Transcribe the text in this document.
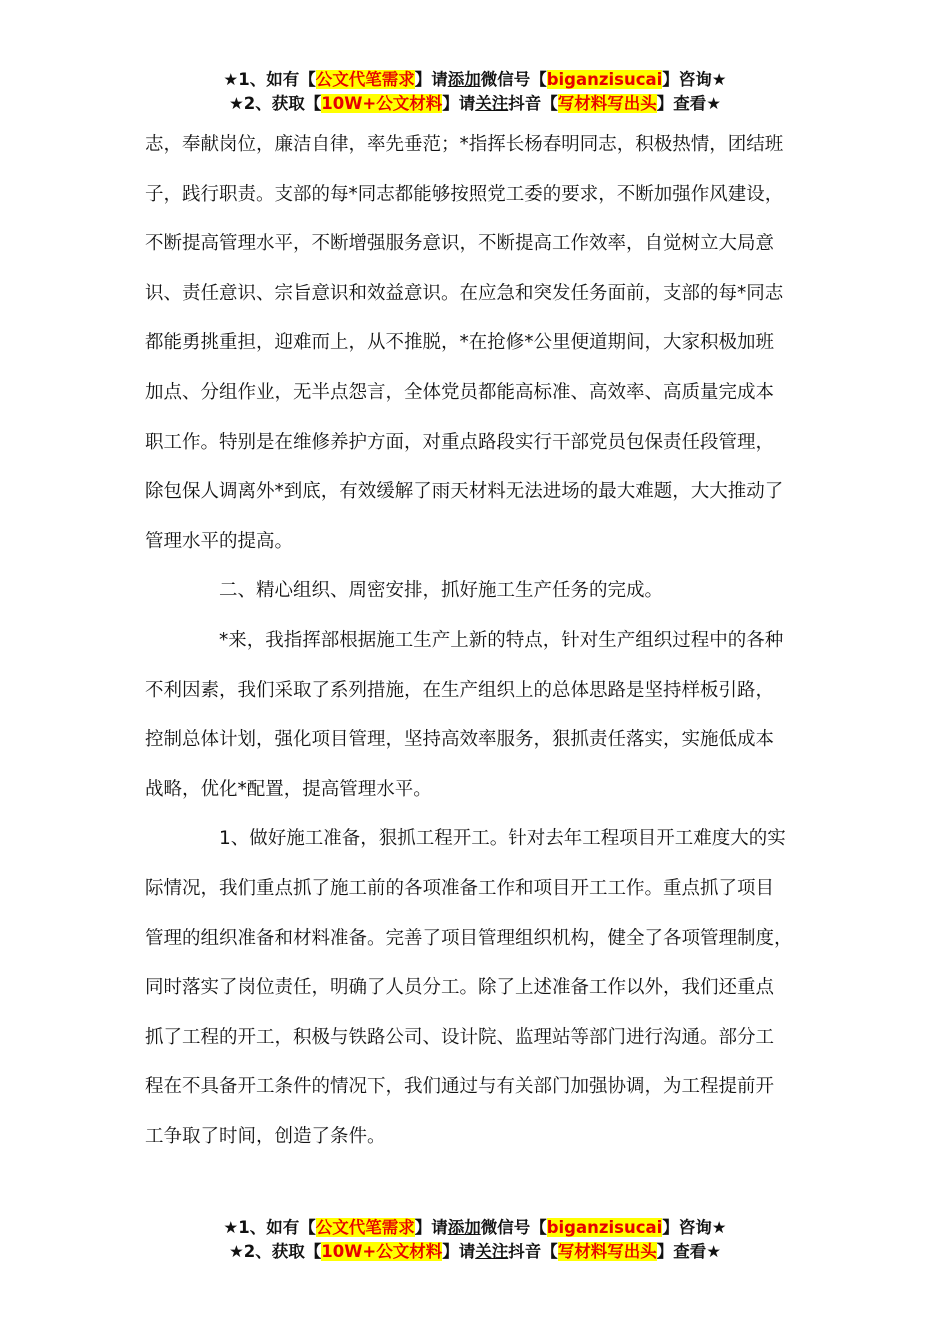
★1、如有【公文代笔需求】请添加微信号【biganzisucai】咨询★
★2、获取【10W+公文材料】请关注抖音【写材料写出头】查看★

志，奉献岗位，廉洁自律，率先垂范；*指挥长杨春明同志，积极热情，团结班

子，践行职责。支部的每*同志都能够按照党工委的要求，不断加强作风建设，

不断提高管理水平，不断增强服务意识，不断提高工作效率，自觉树立大局意

识、责任意识、宗旨意识和效益意识。在应急和突发任务面前，支部的每*同志

都能勇挑重担，迎难而上，从不推脱，*在抢修*公里便道期间，大家积极加班

加点、分组作业，无半点怨言，全体党员都能高标准、高效率、高质量完成本

职工作。特别是在维修养护方面，对重点路段实行干部党员包保责任段管理，

除包保人调离外*到底，有效缓解了雨天材料无法进场的最大难题，大大推动了

管理水平的提高。

二、精心组织、周密安排，抓好施工生产任务的完成。

*来，我指挥部根据施工生产上新的特点，针对生产组织过程中的各种

不利因素，我们采取了系列措施，在生产组织上的总体思路是坚持样板引路，

控制总体计划，强化项目管理，坚持高效率服务，狠抓责任落实，实施低成本

战略，优化*配置，提高管理水平。

1、做好施工准备，狠抓工程开工。针对去年工程项目开工难度大的实

际情况，我们重点抓了施工前的各项准备工作和项目开工工作。重点抓了项目

管理的组织准备和材料准备。完善了项目管理组织机构，健全了各项管理制度，

同时落实了岗位责任，明确了人员分工。除了上述准备工作以外，我们还重点

抓了工程的开工，积极与铁路公司、设计院、监理站等部门进行沟通。部分工

程在不具备开工条件的情况下，我们通过与有关部门加强协调，为工程提前开

工争取了时间，创造了条件。

★1、如有【公文代笔需求】请添加微信号【biganzisucai】咨询★
★2、获取【10W+公文材料】请关注抖音【写材料写出头】查看★
